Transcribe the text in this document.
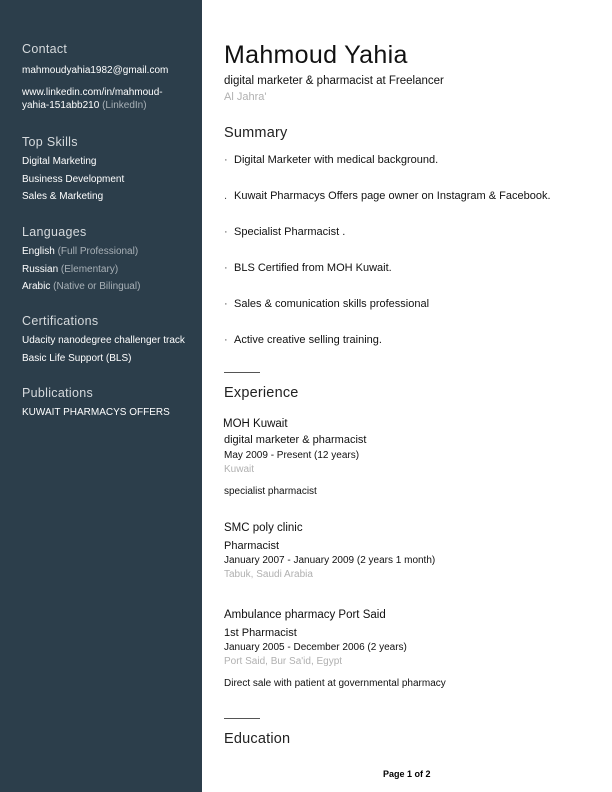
Contact
mahmoudyahia1982@gmail.com
www.linkedin.com/in/mahmoud-
yahia-151abb210 (LinkedIn)
Top Skills
Digital Marketing
Business Development
Sales & Marketing
Languages
English (Full Professional)
Russian (Elementary)
Arabic (Native or Bilingual)
Certifications
Udacity nanodegree challenger track
Basic Life Support (BLS)
Publications
KUWAIT PHARMACYS OFFERS
Mahmoud Yahia
digital marketer & pharmacist at Freelancer
Al Jahra'
Summary
· Digital Marketer with medical background.
. Kuwait Pharmacys Offers page owner on Instagram & Facebook.
· Specialist Pharmacist .
· BLS Certified from MOH Kuwait.
· Sales & comunication skills professional
· Active creative selling training.
Experience
MOH Kuwait
digital marketer & pharmacist
May 2009 - Present (12 years)
Kuwait
specialist pharmacist
SMC poly clinic
Pharmacist
January 2007 - January 2009 (2 years 1 month)
Tabuk, Saudi Arabia
Ambulance pharmacy Port Said
1st Pharmacist
January 2005 - December 2006 (2 years)
Port Said, Bur Sa'id, Egypt
Direct sale with patient at governmental pharmacy
Education
Page 1 of 2
